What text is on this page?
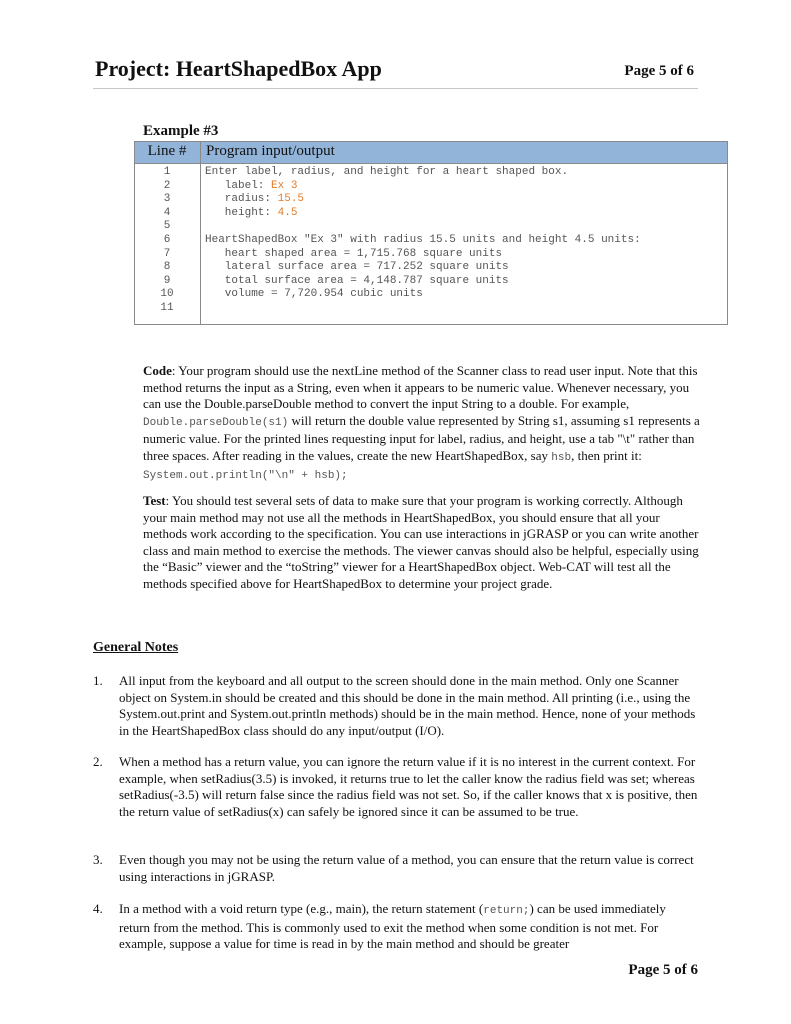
Project: HeartShapedBox App	Page 5 of 6
Example #3
Line #	Program input/output
1	Enter label, radius, and height for a heart shaped box.
2	label: Ex 3
3	radius: 15.5
4	height: 4.5
5
6	HeartShapedBox "Ex 3" with radius 15.5 units and height 4.5 units:
7	heart shaped area = 1,715.768 square units
8	lateral surface area = 717.252 square units
9	total surface area = 4,148.787 square units
10	volume = 7,720.954 cubic units
11
Code: Your program should use the nextLine method of the Scanner class to read user input. Note that this method returns the input as a String, even when it appears to be numeric value. Whenever necessary, you can use the Double.parseDouble method to convert the input String to a double. For example, Double.parseDouble(s1) will return the double value represented by String s1, assuming s1 represents a numeric value. For the printed lines requesting input for label, radius, and height, use a tab "\t" rather than three spaces. After reading in the values, create the new HeartShapedBox, say hsb, then print it: System.out.println("\n" + hsb);
Test: You should test several sets of data to make sure that your program is working correctly. Although your main method may not use all the methods in HeartShapedBox, you should ensure that all your methods work according to the specification. You can use interactions in jGRASP or you can write another class and main method to exercise the methods. The viewer canvas should also be helpful, especially using the “Basic” viewer and the “toString” viewer for a HeartShapedBox object. Web-CAT will test all the methods specified above for HeartShapedBox to determine your project grade.
General Notes
1.	All input from the keyboard and all output to the screen should done in the main method. Only one Scanner object on System.in should be created and this should be done in the main method. All printing (i.e., using the System.out.print and System.out.println methods) should be in the main method. Hence, none of your methods in the HeartShapedBox class should do any input/output (I/O).
2.	When a method has a return value, you can ignore the return value if it is no interest in the current context. For example, when setRadius(3.5) is invoked, it returns true to let the caller know the radius field was set; whereas setRadius(-3.5) will return false since the radius field was not set. So, if the caller knows that x is positive, then the return value of setRadius(x) can safely be ignored since it can be assumed to be true.
3.	Even though you may not be using the return value of a method, you can ensure that the return value is correct using interactions in jGRASP.
4.	In a method with a void return type (e.g., main), the return statement (return;) can be used immediately return from the method. This is commonly used to exit the method when some condition is not met. For example, suppose a value for time is read in by the main method and should be greater
Page 5 of 6
